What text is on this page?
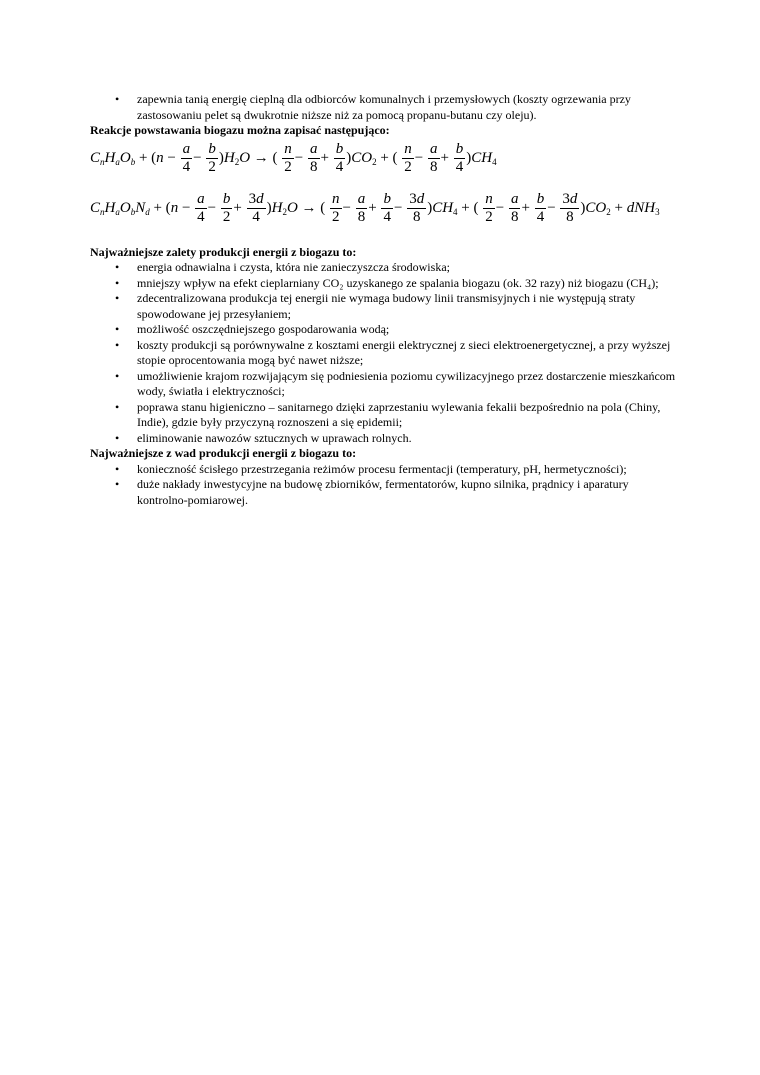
• zapewnia tanią energię cieplną dla odbiorców komunalnych i przemysłowych (koszty ogrzewania przy zastosowaniu pelet są dwukrotnie niższe niż za pomocą propanu-butanu czy oleju).

Reakcje powstawania biogazu można zapisać następująco:

$C_nH_aO_b + (n - \frac{a}{4} - \frac{b}{2} )H_2O$ → ( $\frac{n}{2} - \frac{a}{8} + \frac{b}{4} )CO_2$ + ( $\frac{n}{2} - \frac{a}{8} + \frac{b}{4} )CH_4$
$C_nH_aO_bN_d + (n - \frac{a}{4} - \frac{b}{2} + \frac{3d}{4} )H_2O$ → ( $\frac{n}{2} - \frac{a}{8} + \frac{b}{4} - \frac{3d}{8} )CH_4$ + ( $\frac{n}{2} - \frac{a}{8} + \frac{b}{4} - \frac{3d}{8} )CO_2 + dNH_3$

Najważniejsze zalety produkcji energii z biogazu to:

• energia odnawialna i czysta, która nie zanieczyszcza środowiska;
• mniejszy wpływ na efekt cieplarniany CO₂ uzyskanego ze spalania biogazu (ok. 32 razy) niż biogazu (CH₄);
• zdecentralizowana produkcja tej energii nie wymaga budowy linii transmisyjnych i nie występują straty spowodowane jej przesyłaniem;
• możliwość oszczędniejszego gospodarowania wodą;
• koszty produkcji są porównywalne z kosztami energii elektrycznej z sieci elektroenergetycznej, a przy wyższej stopie oprocentowania mogą być nawet niższe;
• umożliwienie krajom rozwijającym się podniesienia poziomu cywilizacyjnego przez dostarczenie mieszkańcom wody, światła i elektryczności;
• poprawa stanu higieniczno – sanitarnego dzięki zaprzestaniu wylewania fekalii bezpośrednio na pola (Chiny, Indie), gdzie były przyczyną roznoszeni a się epidemii;
• eliminowanie nawozów sztucznych w uprawach rolnych.

Najważniejsze z wad produkcji energii z biogazu to:

• konieczność ścisłego przestrzegania reżimów procesu fermentacji (temperatury, pH, hermetyczności);
• duże nakłady inwestycyjne na budowę zbiorników, fermentatorów, kupno silnika, prądnicy i aparatury kontrolno-pomiarowej.
